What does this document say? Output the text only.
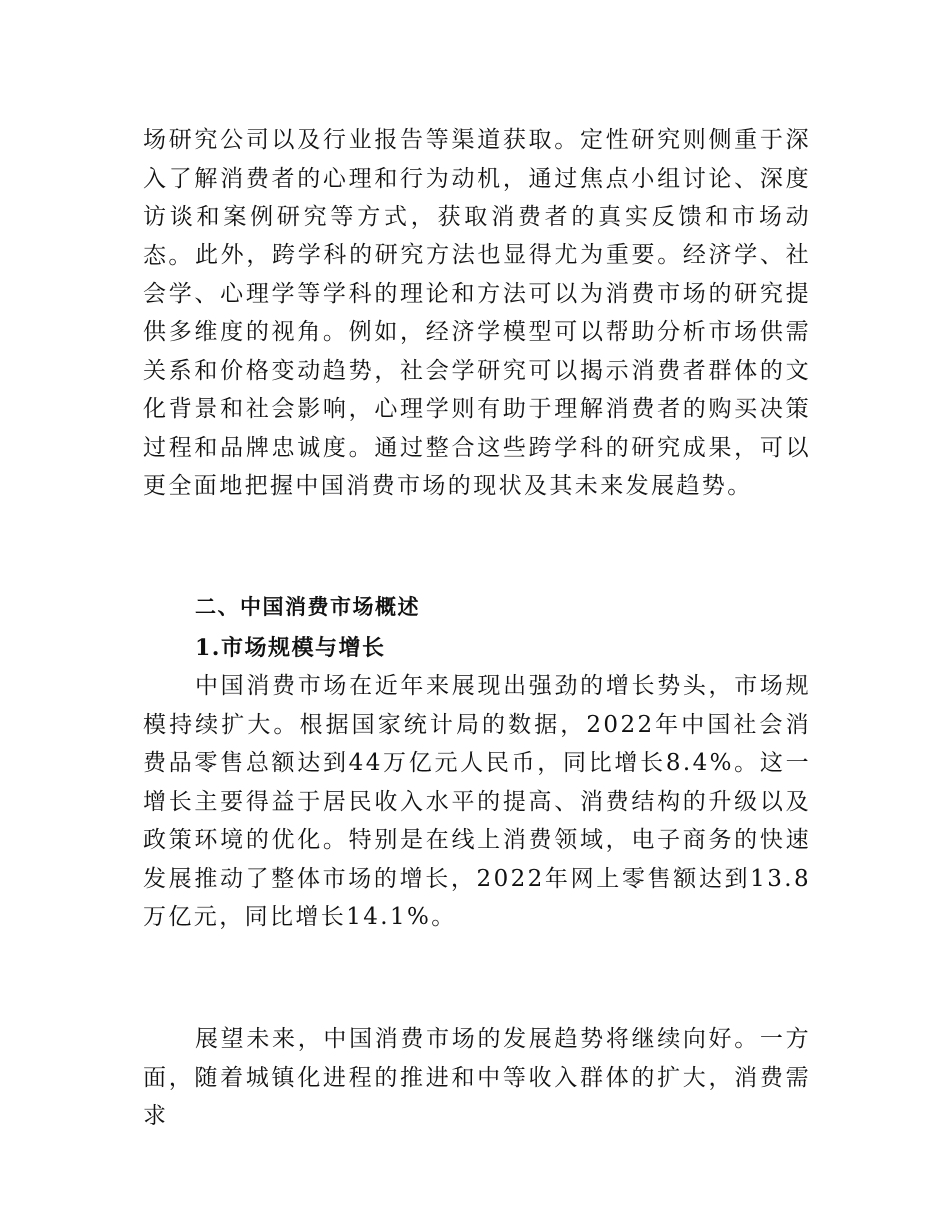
场研究公司以及行业报告等渠道获取。定性研究则侧重于深入了解消费者的心理和行为动机，通过焦点小组讨论、深度访谈和案例研究等方式，获取消费者的真实反馈和市场动态。 此外，跨学科的研究方法也显得尤为重要。经济学、社会学、心理学等学科的理论和方法可以为消费市场的研究提供多维度的视角。例如，经济学模型可以帮助分析市场供需关系和价格变动趋势，社会学研究可以揭示消费者群体的文化背景和社会影响，心理学则有助于理解消费者的购买决策过程和品牌忠诚度。通过整合这些跨学科的研究成果，可以更全面地把握中国消费市场的现状及其未来发展趋势。

二、中国消费市场概述
1.市场规模与增长

中国消费市场在近年来展现出强劲的增长势头，市场规模持续扩大。根据国家统计局的数据，2022年中国社会消费品零售总额达到44万亿元人民币，同比增长8.4%。这一增长主要得益于居民收入水平的提高、消费结构的升级以及政策环境的优化。特别是在线上消费领域，电子商务的快速发展推动了整体市场的增长，2022年网上零售额达到13.8万亿元，同比增长14.1%。

展望未来，中国消费市场的发展趋势将继续向好。一方面，随着城镇化进程的推进和中等收入群体的扩大，消费需求
